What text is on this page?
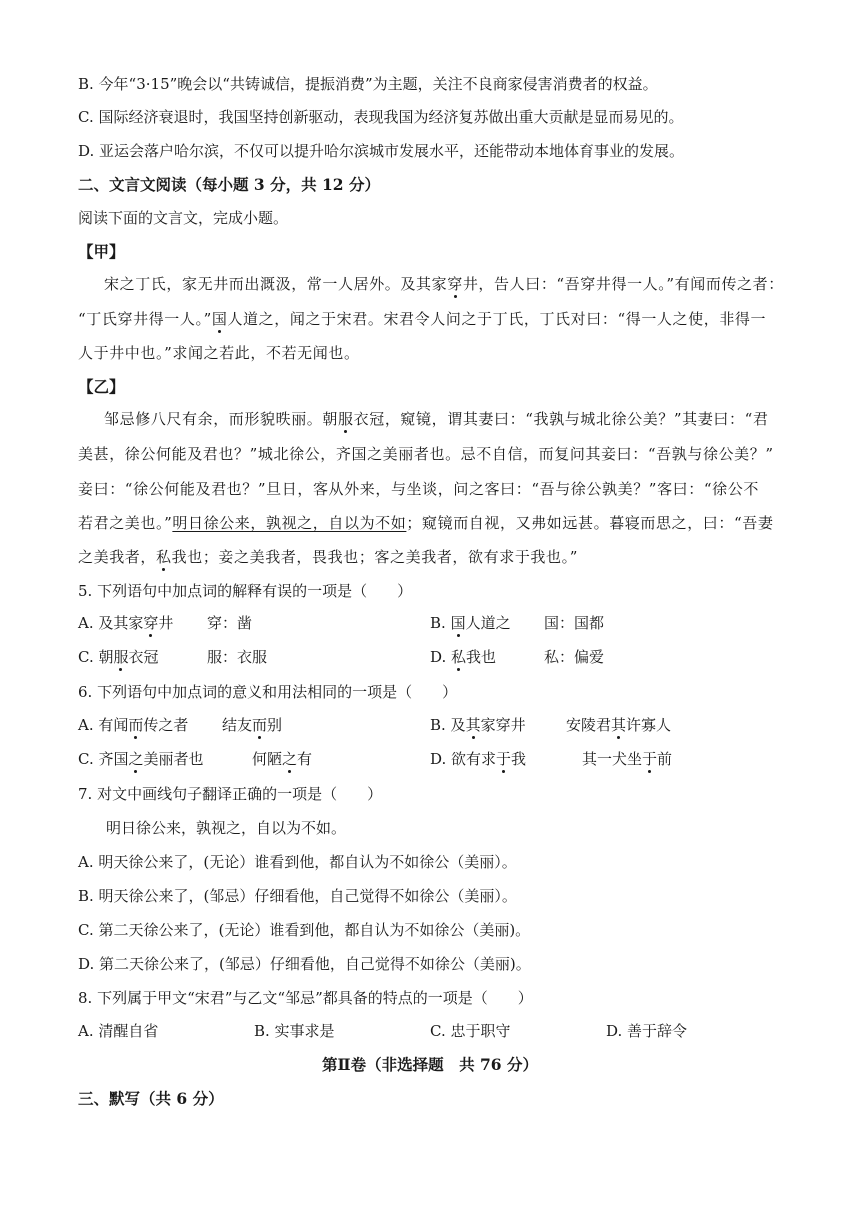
B. 今年“3·15”晚会以“共铸诚信，提振消费”为主题，关注不良商家侵害消费者的权益。
C. 国际经济衰退时，我国坚持创新驱动，表现我国为经济复苏做出重大贡献是显而易见的。
D. 亚运会落户哈尔滨，不仅可以提升哈尔滨城市发展水平，还能带动本地体育事业的发展。
二、文言文阅读（每小题 3 分，共 12 分）
阅读下面的文言文，完成小题。
【甲】
宋之丁氏，家无井而出溉汲，常一人居外。及其家穿井，告人曰：“吾穿井得一人。”有闻而传之者：
“丁氏穿井得一人。”国人道之，闻之于宋君。宋君令人问之于丁氏，丁氏对曰：“得一人之使，非得一
人于井中也。”求闻之若此，不若无闻也。
【乙】
邹忌修八尺有余，而形貌昳丽。朝服衣冠，窥镜，谓其妻曰：“我孰与城北徐公美？”其妻曰：“君
美甚，徐公何能及君也？”城北徐公，齐国之美丽者也。忌不自信，而复问其妾曰：“吾孰与徐公美？”
妾曰：“徐公何能及君也？”旦日，客从外来，与坐谈，问之客曰：“吾与徐公孰美？”客曰：“徐公不
若君之美也。”明日徐公来，孰视之，自以为不如；窥镜而自视，又弗如远甚。暮寝而思之，曰：“吾妻
之美我者，私我也；妾之美我者，畏我也；客之美我者，欲有求于我也。”
5. 下列语句中加点词的解释有误的一项是（　　）
A. 及其家穿井 穿：凿	B. 国人道之 国：国都
C. 朝服衣冠	服：衣服	D. 私我也	私：偏爱
6. 下列语句中加点词的意义和用法相同的一项是（　　）
A. 有闻而传之者 结友而别	B. 及其家穿井	安陵君其许寡人
C. 齐国之美丽者也	何陋之有	D. 欲有求于我	其一犬坐于前
7. 对文中画线句子翻译正确的一项是（　　）
明日徐公来，孰视之，自以为不如。
A. 明天徐公来了，(无论）谁看到他，都自认为不如徐公（美丽）。
B. 明天徐公来了，(邹忌）仔细看他，自己觉得不如徐公（美丽）。
C. 第二天徐公来了，(无论）谁看到他，都自认为不如徐公（美丽)。
D. 第二天徐公来了，(邹忌）仔细看他，自己觉得不如徐公（美丽)。
8. 下列属于甲文“宋君”与乙文“邹忌”都具备的特点的一项是（　　）
A. 清醒自省	B. 实事求是	C. 忠于职守	D. 善于辞令
第Ⅱ卷（非选择题　共 76 分）
三、默写（共 6 分）
